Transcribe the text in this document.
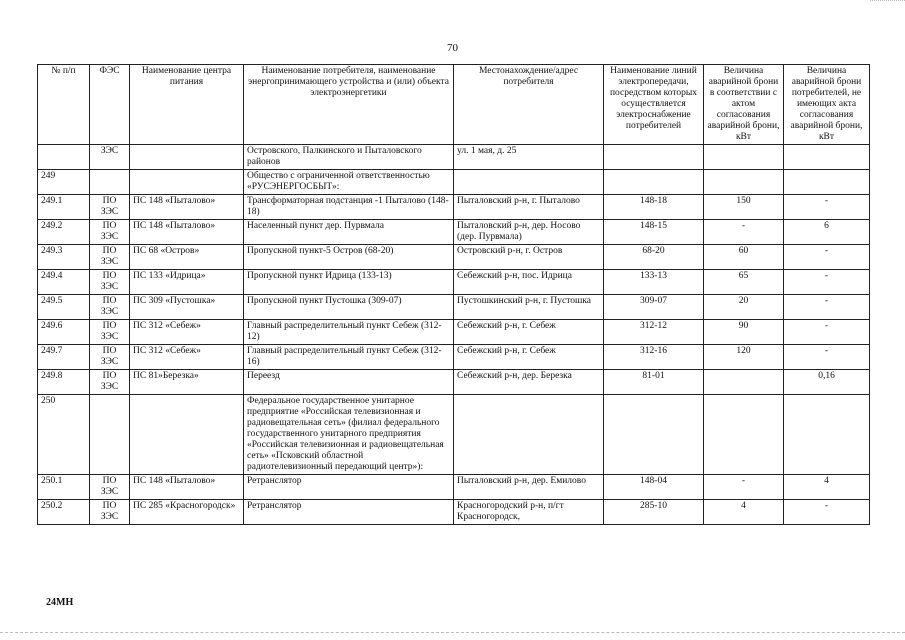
70
№ п/п	ФЭС	Наименование центра питания	Наименование потребителя, наименование энергопринимающего устройства и (или) объекта электроэнергетики	Местонахождение/адрес потребителя	Наименование линий электропередачи, посредством которых осуществляется электроснабжение потребителей	Величина аварийной брони в соответствии с актом согласования аварийной брони, кВт	Величина аварийной брони потребителей, не имеющих акта согласования аварийной брони, кВт
	ЗЭС		Островского, Палкинского и Пыталовского районов	ул. 1 мая, д. 25			
249			Общество с ограниченной ответственностью «РУСЭНЕРГОСБЫТ»:				
249.1	ПО ЗЭС	ПС 148 «Пыталово»	Трансформаторная подстанция -1 Пыталово (148-18)	Пыталовский р-н, г. Пыталово	148-18	150	-
249.2	ПО ЗЭС	ПС 148 «Пыталово»	Населенный пункт дер. Пурвмала	Пыталовский р-н, дер. Носово (дер. Пурвмала)	148-15	-	6
249.3	ПО ЗЭС	ПС 68 «Остров»	Пропускной пункт-5 Остров (68-20)	Островский р-н, г. Остров	68-20	60	-
249.4	ПО ЗЭС	ПС 133 «Идрица»	Пропускной пункт Идрица (133-13)	Себежский р-н, пос. Идрица	133-13	65	-
249.5	ПО ЗЭС	ПС 309 «Пустошка»	Пропускной пункт Пустошка (309-07)	Пустошкинский р-н, г. Пустошка	309-07	20	-
249.6	ПО ЗЭС	ПС 312 «Себеж»	Главный распределительный пункт Себеж (312-12)	Себежский р-н, г. Себеж	312-12	90	-
249.7	ПО ЗЭС	ПС 312 «Себеж»	Главный распределительный пункт Себеж (312-16)	Себежский р-н, г. Себеж	312-16	120	-
249.8	ПО ЗЭС	ПС 81»Березка»	Переезд	Себежский р-н, дер. Березка	81-01		0,16
250			Федеральное государственное унитарное предприятие «Российская телевизионная и радиовещательная сеть» (филиал федерального государственного унитарного предприятия «Российская телевизионная и радиовещательная сеть» «Псковский областной радиотелевизионный передающий центр»):				
250.1	ПО ЗЭС	ПС 148 «Пыталово»	Ретранслятор	Пыталовский р-н, дер. Емилово	148-04	-	4
250.2	ПО ЗЭС	ПС 285 «Красногородск»	Ретранслятор	Красногородский р-н, п/гт Красногородск,	285-10	4	-
24МН
